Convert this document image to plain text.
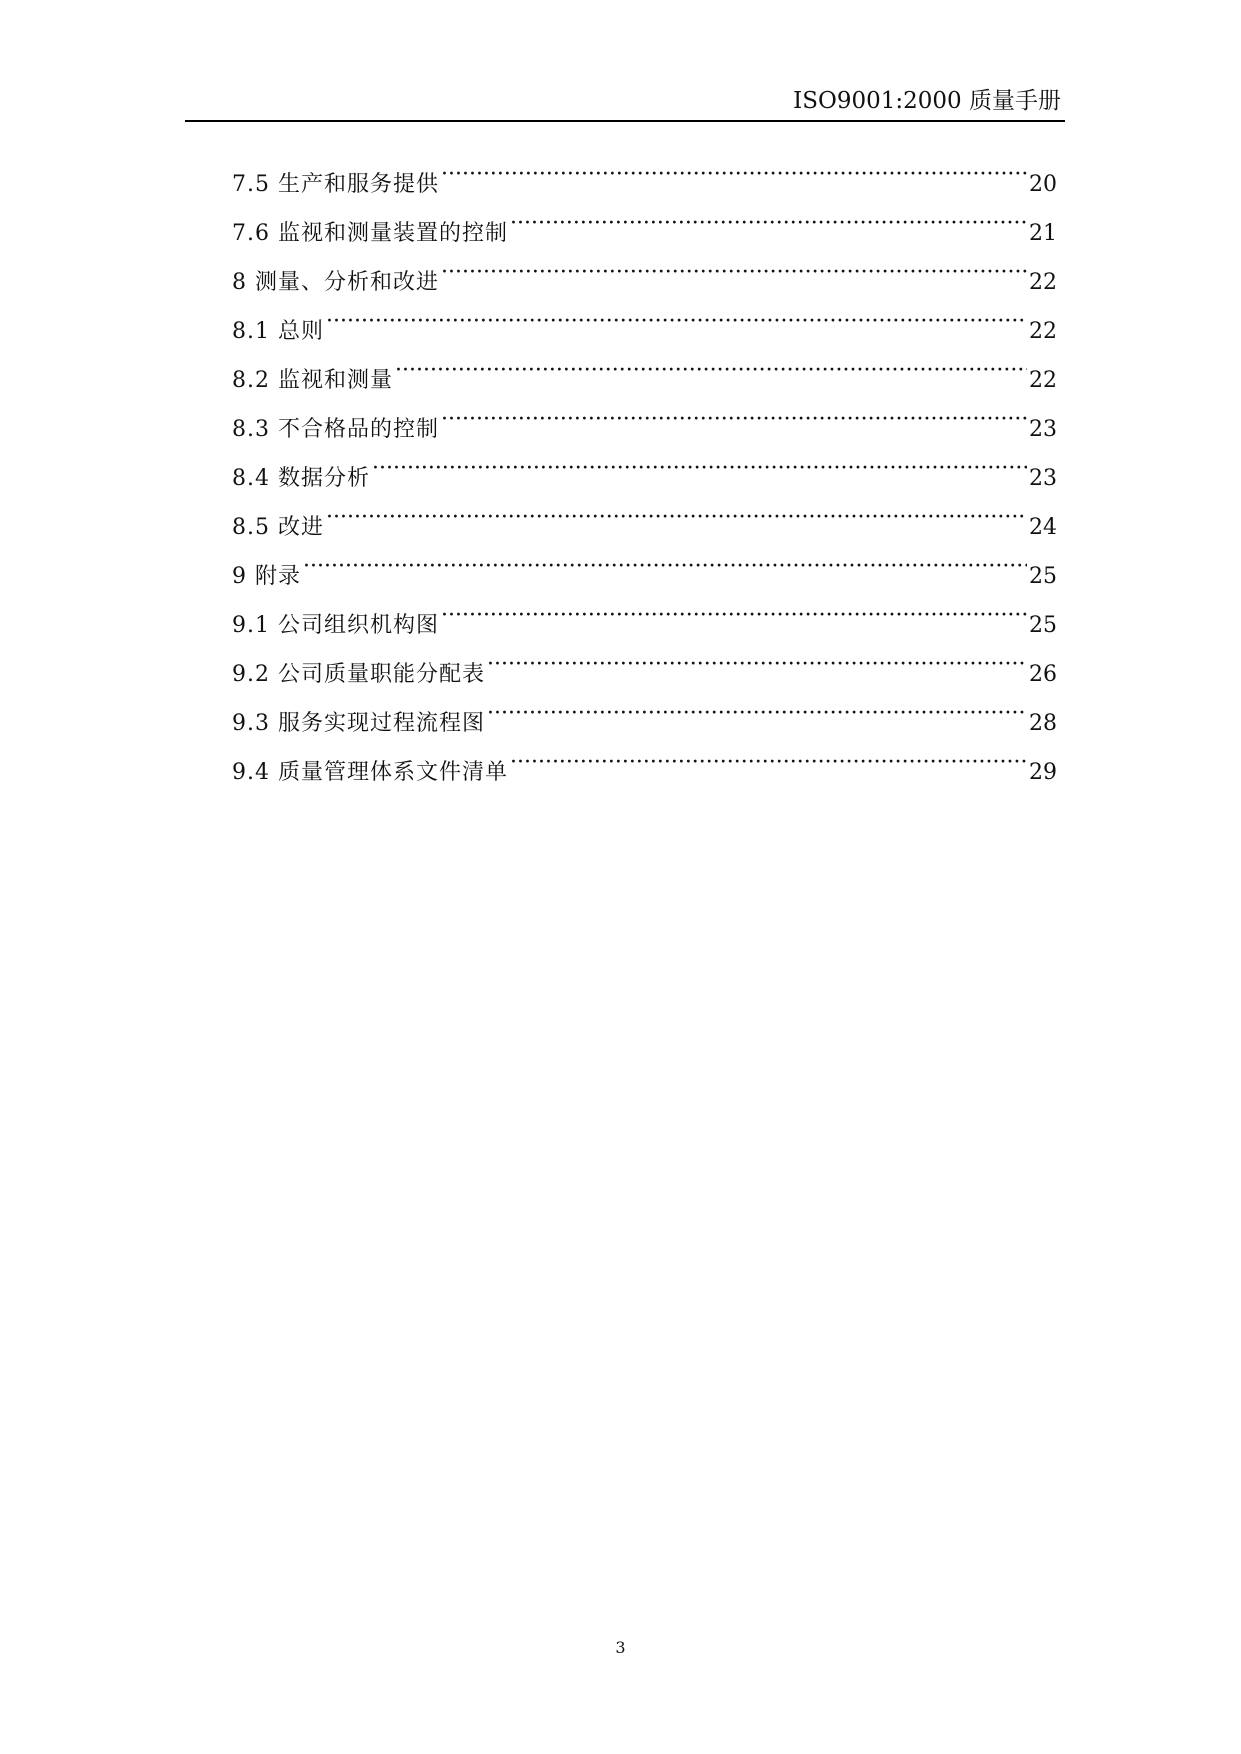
ISO9001:2000 质量手册
7.5 生产和服务提供 ·····	20
7.6 监视和测量装置的控制 ·····	21
8 测量、分析和改进 ·····	22
8.1 总则 ·····	22
8.2 监视和测量 ·····	22
8.3 不合格品的控制 ·····	23
8.4 数据分析 ·····	23
8.5 改进 ·····	24
9 附录 ·····	25
9.1 公司组织机构图 ·····	25
9.2 公司质量职能分配表 ·····	26
9.3 服务实现过程流程图 ·····	28
9.4 质量管理体系文件清单 ·····	29
3
